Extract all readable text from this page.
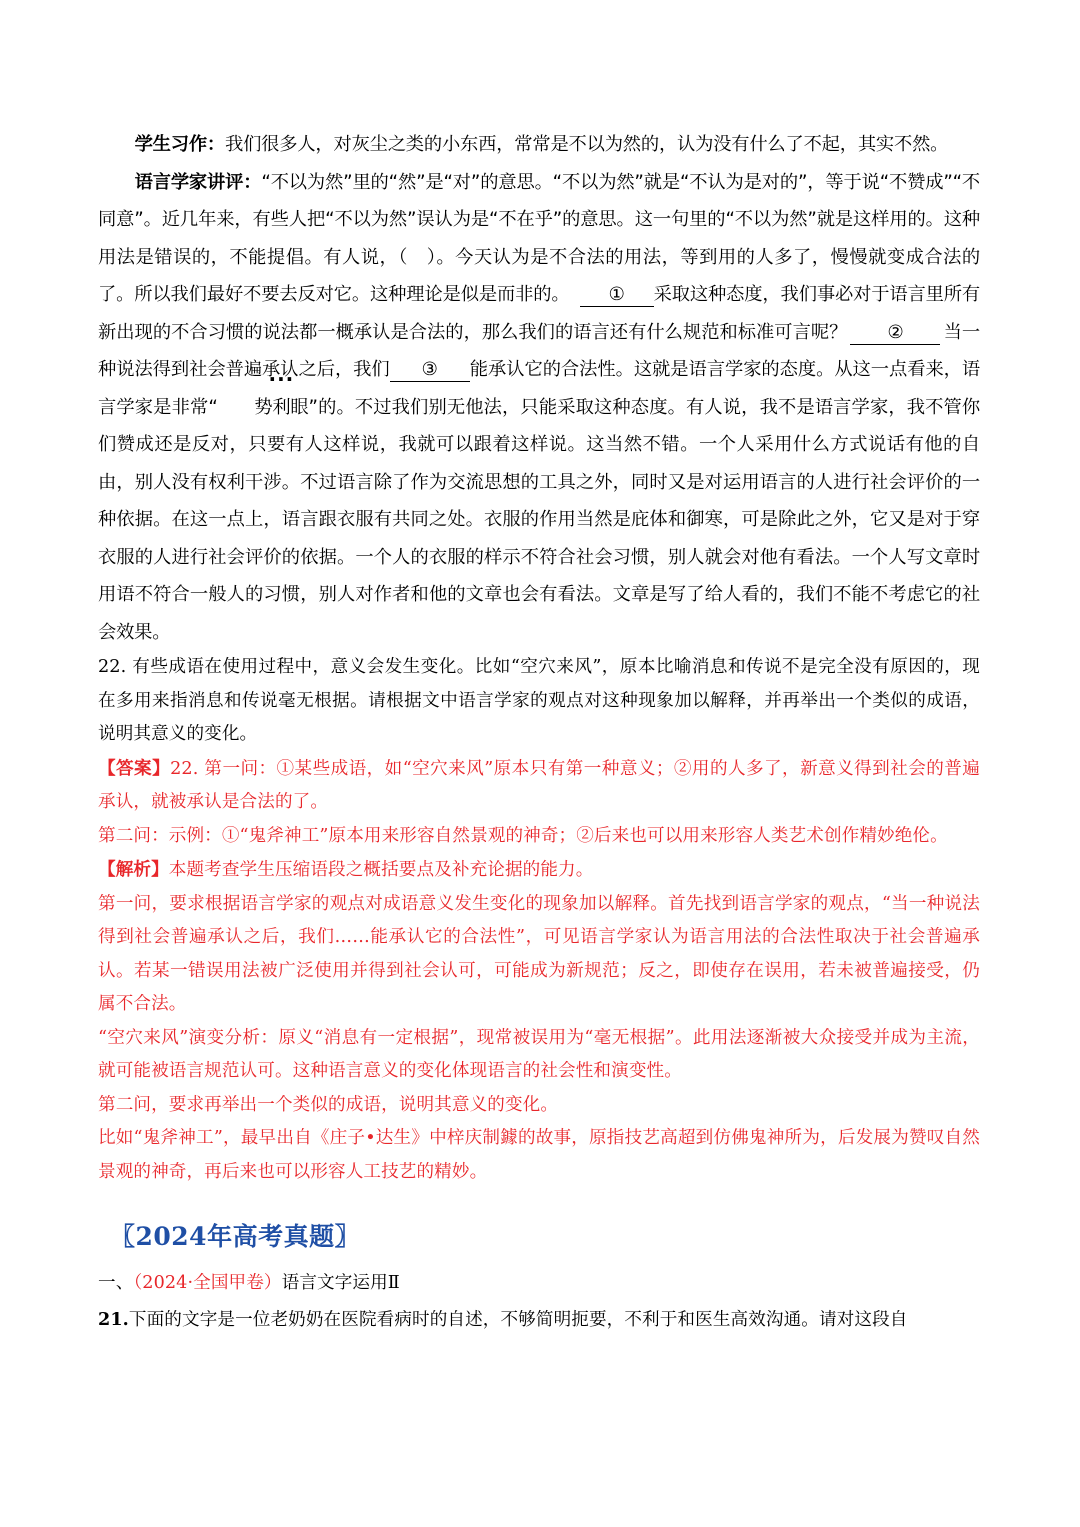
学生习作：我们很多人，对灰尘之类的小东西，常常是不以为然的，认为没有什么了不起，其实不然。

语言学家讲评：“不以为然”里的“然”是“对”的意思。“不以为然”就是“不认为是对的”，等于说“不赞成”“不同意”。近几年来，有些人把“不以为然”误认为是“不在乎”的意思。这一句里的“不以为然”就是这样用的。这种用法是错误的，不能提倡。有人说，（　）。今天认为是不合法的用法，等到用的人多了，慢慢就变成合法的了。所以我们最好不要去反对它。这种理论是似是而非的。 ① 采取这种态度，我们事必对于语言里所有新出现的不合习惯的说法都一概承认是合法的，那么我们的语言还有什么规范和标准可言呢？ ② 当一种说法得到社会普遍承认之后，我们 ③ 能承认它的合法性。这就是语言学家的态度。从这一点看来，语言学家是非常“··· 势利眼”的。不过我们别无他法，只能采取这种态度。有人说，我不是语言学家，我不管你们赞成还是反对，只要有人这样说，我就可以跟着这样说。这当然不错。一个人采用什么方式说话有他的自由，别人没有权利干涉。不过语言除了作为交流思想的工具之外，同时又是对运用语言的人进行社会评价的一种依据。在这一点上，语言跟衣服有共同之处。衣服的作用当然是庇体和御寒，可是除此之外，它又是对于穿衣服的人进行社会评价的依据。一个人的衣服的样示不符合社会习惯，别人就会对他有看法。一个人写文章时用语不符合一般人的习惯，别人对作者和他的文章也会有看法。文章是写了给人看的，我们不能不考虑它的社会效果。

22. 有些成语在使用过程中，意义会发生变化。比如“空穴来风”，原本比喻消息和传说不是完全没有原因的，现在多用来指消息和传说毫无根据。请根据文中语言学家的观点对这种现象加以解释，并再举出一个类似的成语，说明其意义的变化。

【答案】22. 第一问：①某些成语，如“空穴来风”原本只有第一种意义；②用的人多了，新意义得到社会的普遍承认，就被承认是合法的了。

第二问：示例：①“鬼斧神工”原本用来形容自然景观的神奇；②后来也可以用来形容人类艺术创作精妙绝伦。

【解析】本题考查学生压缩语段之概括要点及补充论据的能力。

第一问，要求根据语言学家的观点对成语意义发生变化的现象加以解释。首先找到语言学家的观点，“当一种说法得到社会普遍承认之后，我们……能承认它的合法性”，可见语言学家认为语言用法的合法性取决于社会普遍承认。若某一错误用法被广泛使用并得到社会认可，可能成为新规范；反之，即使存在误用，若未被普遍接受，仍属不合法。

“空穴来风”演变分析：原义“消息有一定根据”，现常被误用为“毫无根据”。此用法逐渐被大众接受并成为主流，就可能被语言规范认可。这种语言意义的变化体现语言的社会性和演变性。

第二问，要求再举出一个类似的成语，说明其意义的变化。

比如“鬼斧神工”，最早出自《庄子•达生》中梓庆制鐻的故事，原指技艺高超到仿佛鬼神所为，后发展为赞叹自然景观的神奇，再后来也可以形容人工技艺的精妙。

〖2024年高考真题〗

一、（2024·全国甲卷）语言文字运用Ⅱ

21.下面的文字是一位老奶奶在医院看病时的自述，不够简明扼要，不利于和医生高效沟通。请对这段自
